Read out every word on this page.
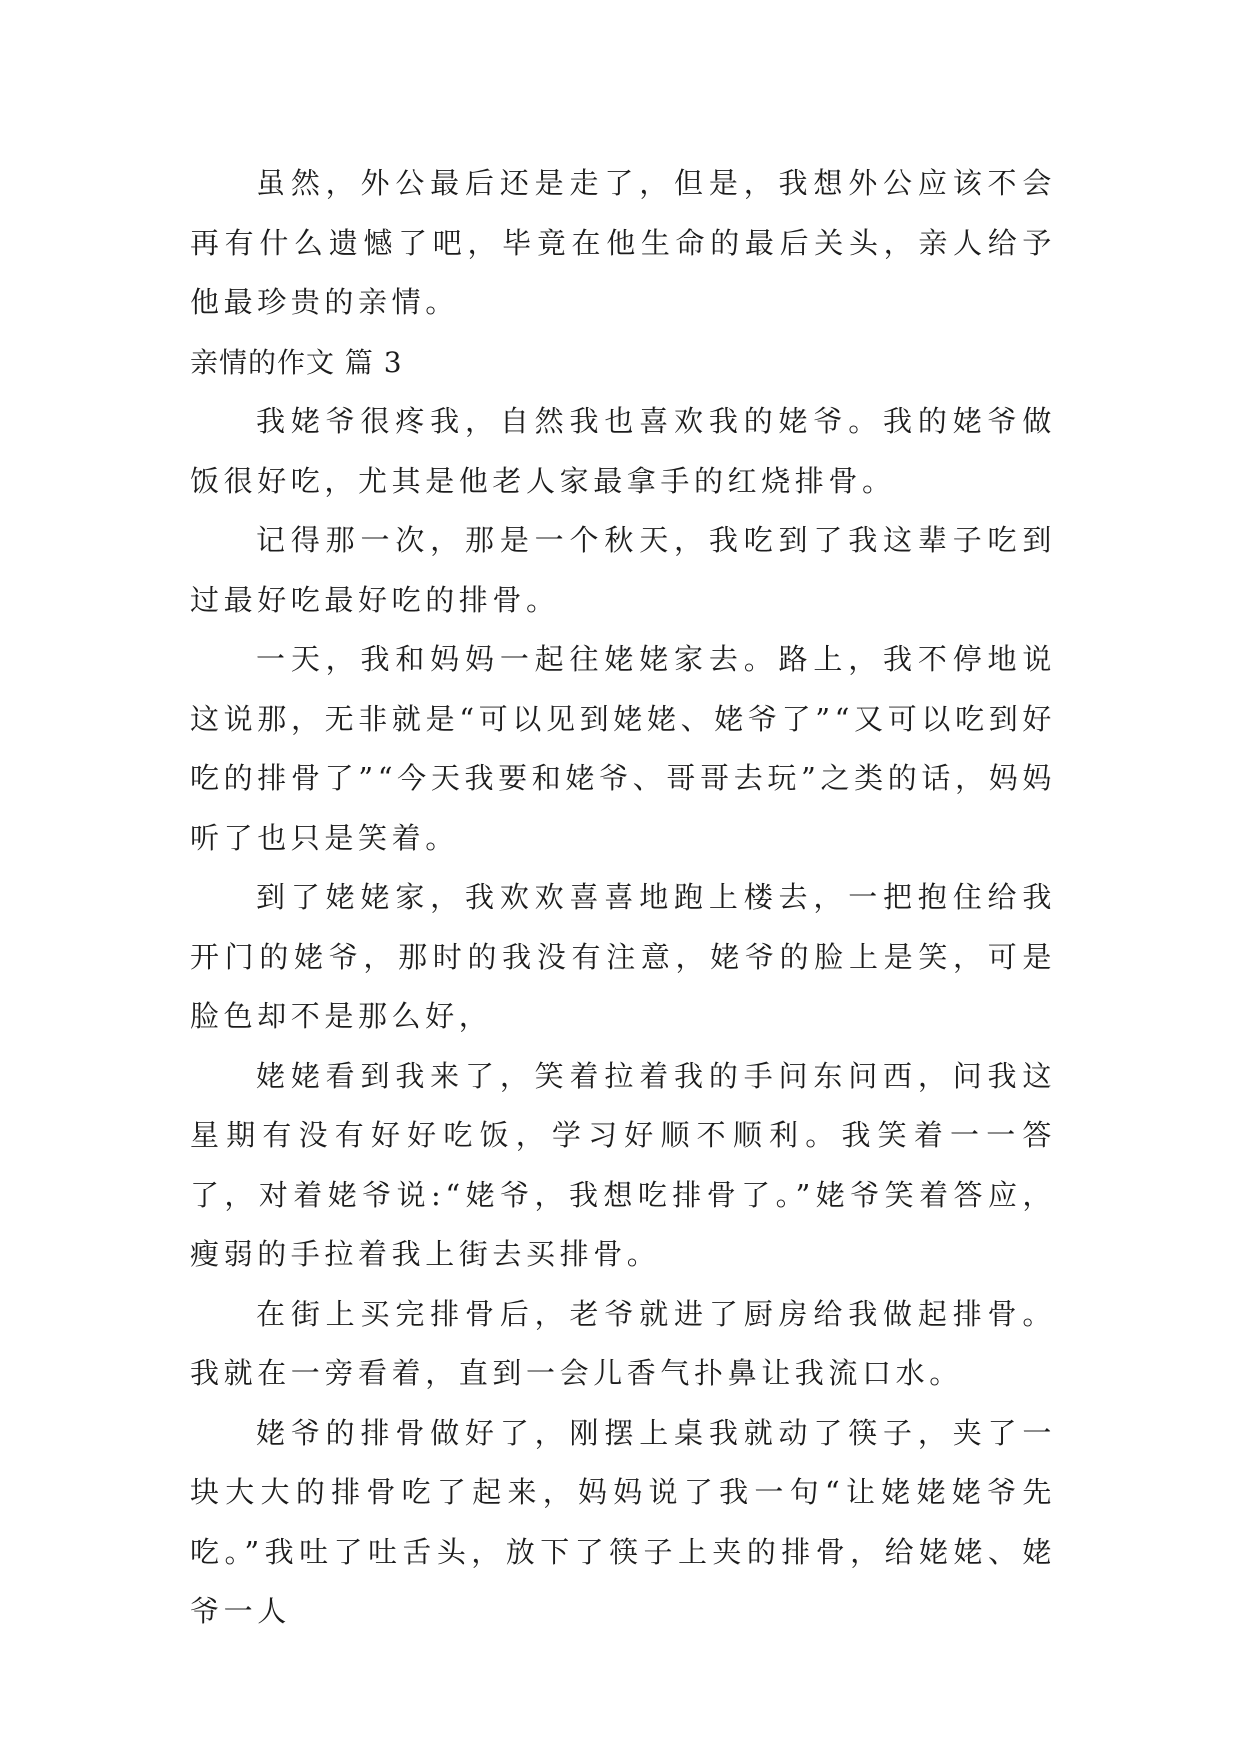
虽然，外公最后还是走了，但是，我想外公应该不会再有什么遗憾了吧，毕竟在他生命的最后关头，亲人给予他最珍贵的亲情。

亲情的作文 篇 3

我姥爷很疼我，自然我也喜欢我的姥爷。我的姥爷做饭很好吃，尤其是他老人家最拿手的红烧排骨。

记得那一次，那是一个秋天，我吃到了我这辈子吃到过最好吃最好吃的排骨。

一天，我和妈妈一起往姥姥家去。路上，我不停地说这说那，无非就是“可以见到姥姥、姥爷了”“又可以吃到好吃的排骨了”“今天我要和姥爷、哥哥去玩”之类的话，妈妈听了也只是笑着。

到了姥姥家，我欢欢喜喜地跑上楼去，一把抱住给我开门的姥爷，那时的我没有注意，姥爷的脸上是笑，可是脸色却不是那么好，

姥姥看到我来了，笑着拉着我的手问东问西，问我这星期有没有好好吃饭，学习好顺不顺利。我笑着一一答了，对着姥爷说:“姥爷，我想吃排骨了。”姥爷笑着答应，瘦弱的手拉着我上街去买排骨。

在街上买完排骨后，老爷就进了厨房给我做起排骨。我就在一旁看着，直到一会儿香气扑鼻让我流口水。

姥爷的排骨做好了，刚摆上桌我就动了筷子，夹了一块大大的排骨吃了起来，妈妈说了我一句“让姥姥姥爷先吃。”我吐了吐舌头，放下了筷子上夹的排骨，给姥姥、姥爷一人
